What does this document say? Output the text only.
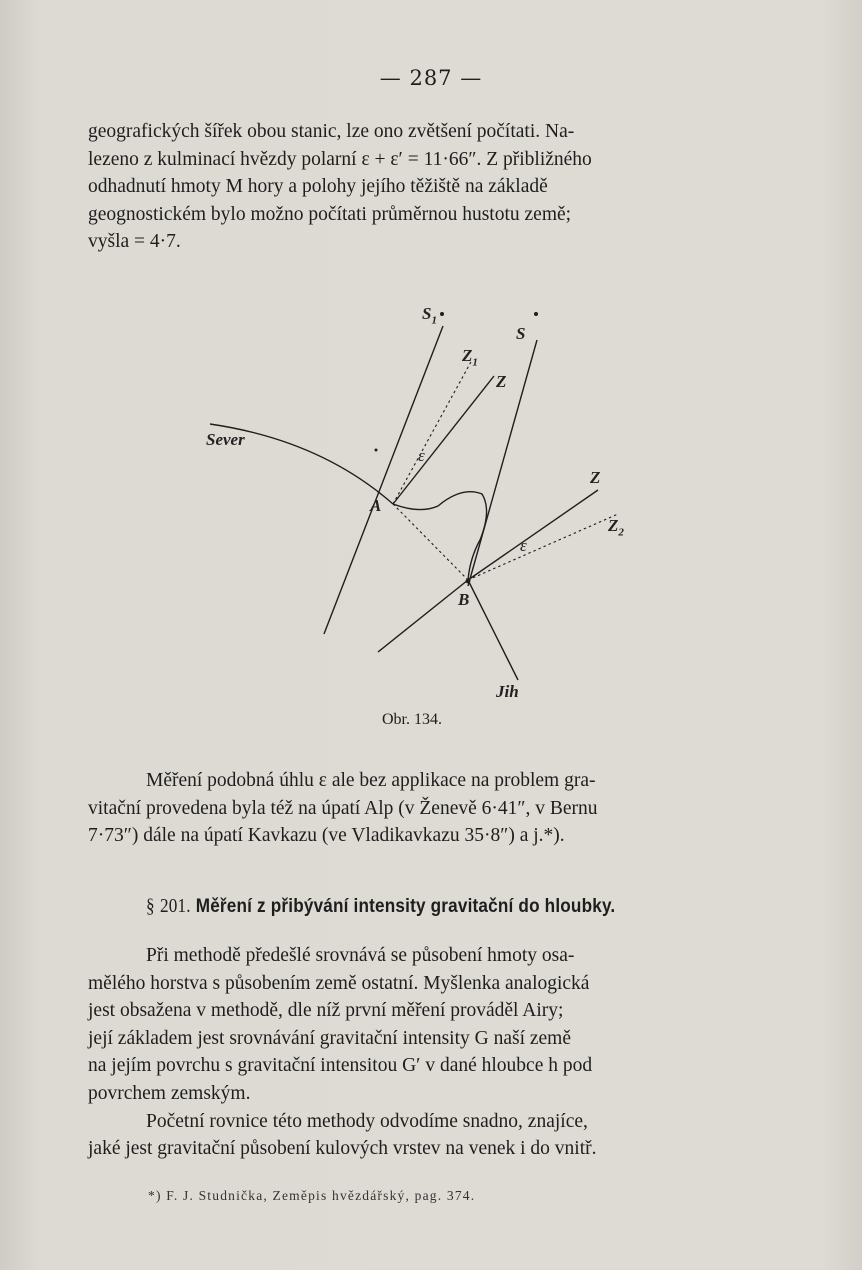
— 287 —
geografických šířek obou stanic, lze ono zvětšení počítati. Na-
lezeno z kulminací hvězdy polarní ε + ε′ = 11·66″. Z přibližného
odhadnutí hmoty M hory a polohy jejího těžiště na základě
geognostickém bylo možno počítati průměrnou hustotu země;
vyšla = 4·7.
$S_1$
S
$Z_1$
Z
Sever
ε
Z
A
$Z_2$
ε
B
Jih
Obr. 134.
Měření podobná úhlu ε ale bez applikace na problem gra-
vitační provedena byla též na úpatí Alp (v Ženevě 6·41″, v Bernu
7·73″) dále na úpatí Kavkazu (ve Vladikavkazu 35·8″) a j.*).
§ 201. Měření z přibývání intensity gravitační do hloubky.
Při methodě předešlé srovnává se působení hmoty osa-
mělého horstva s působením země ostatní. Myšlenka analogická
jest obsažena v methodě, dle níž první měření prováděl Airy;
její základem jest srovnávání gravitační intensity G naší země
na jejím povrchu s gravitační intensitou G′ v dané hloubce h pod
povrchem zemským.
Početní rovnice této methody odvodíme snadno, znajíce,
jaké jest gravitační působení kulových vrstev na venek i do vnitř.
*) F. J. Studnička, Zeměpis hvězdářský, pag. 374.
